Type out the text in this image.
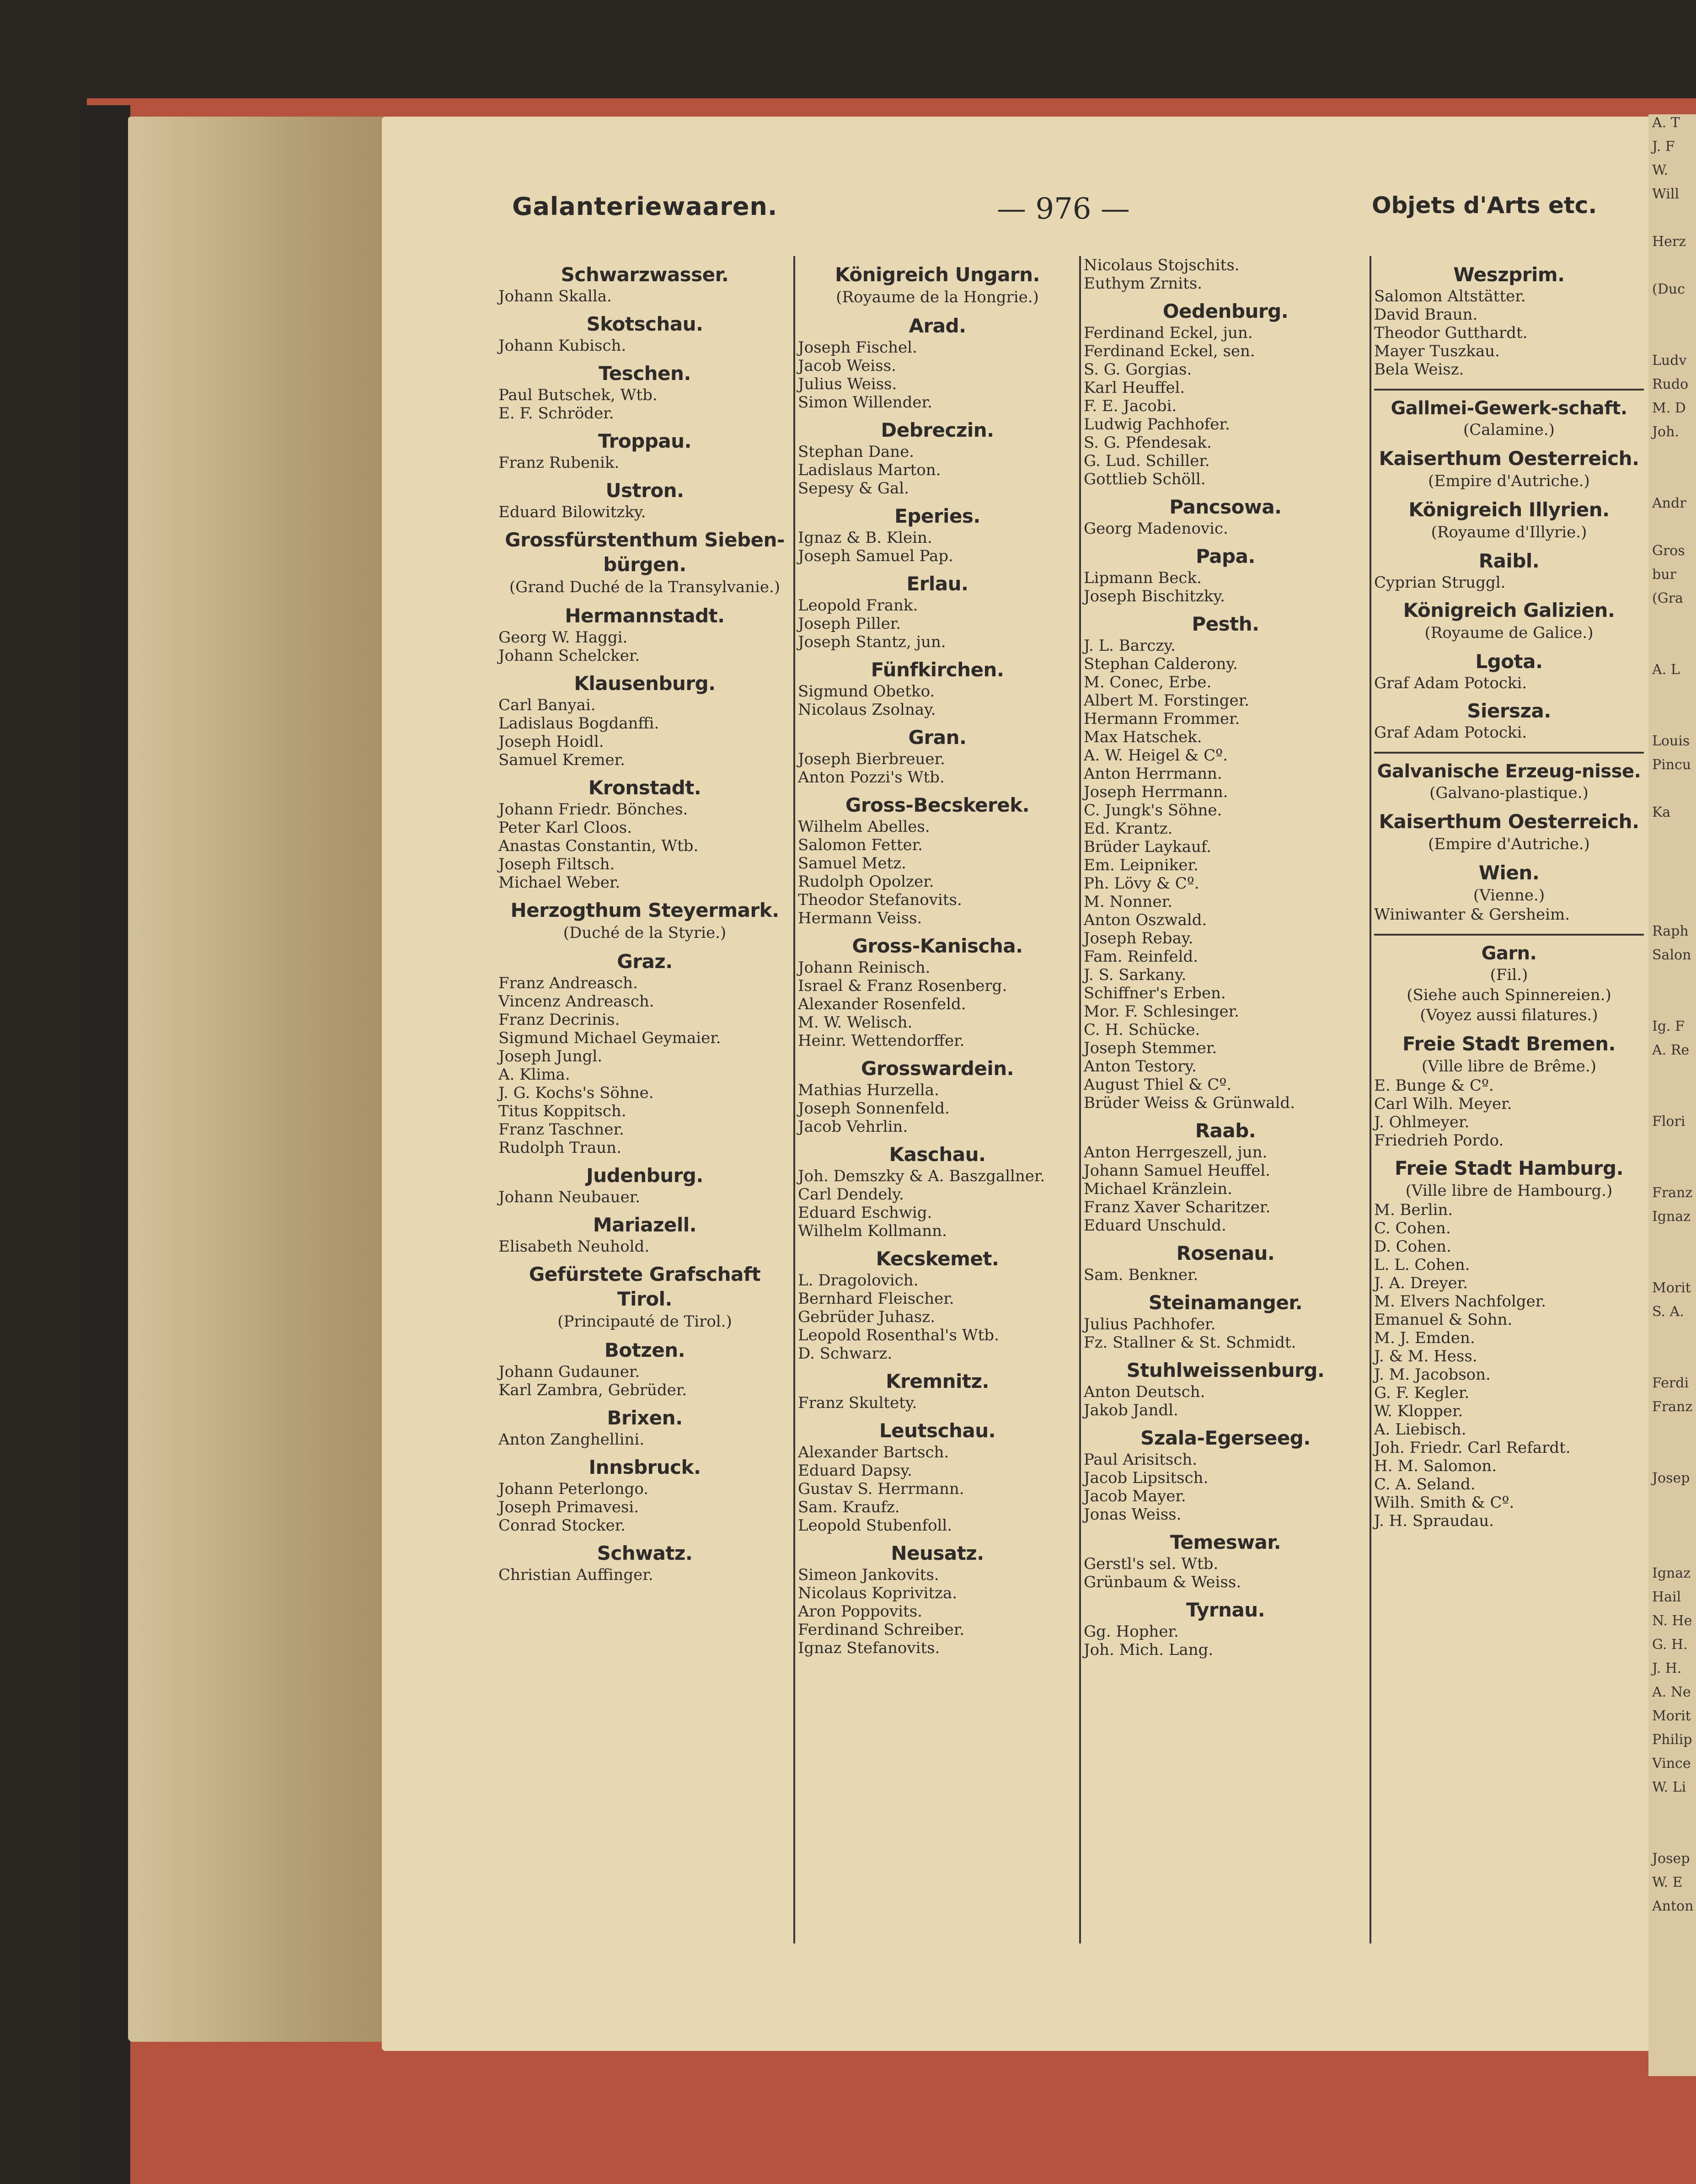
A. T
J. F
W.
Will
Herz
(Duc
Ludv
Rudo
M. D
Joh.
Andr
Gros
bur
(Gra
A. L
Louis
Pincu
Ka
Raph
Salon
Ig. F
A. Re
Flori
Franz
Ignaz
Morit
S. A.
Ferdi
Franz
Josep
Ignaz
Hail
N. He
G. H.
J. H.
A. Ne
Morit
Philip
Vince
W. Li
Josep
W. E
Anton
Galanteriewaaren.	— 976 —	Objets d'Arts etc.
Schwarzwasser.
Johann Skalla.
Skotschau.
Johann Kubisch.
Teschen.
Paul Butschek, Wtb.
E. F. Schröder.
Troppau.
Franz Rubenik.
Ustron.
Eduard Bilowitzky.
Grossfürstenthum Sieben-bürgen.
(Grand Duché de la Transylvanie.)
Hermannstadt.
Georg W. Haggi.
Johann Schelcker.
Klausenburg.
Carl Banyai.
Ladislaus Bogdanffi.
Joseph Hoidl.
Samuel Kremer.
Kronstadt.
Johann Friedr. Bönches.
Peter Karl Cloos.
Anastas Constantin, Wtb.
Joseph Filtsch.
Michael Weber.
Herzogthum Steyermark.
(Duché de la Styrie.)
Graz.
Franz Andreasch.
Vincenz Andreasch.
Franz Decrinis.
Sigmund Michael Geymaier.
Joseph Jungl.
A. Klima.
J. G. Kochs's Söhne.
Titus Koppitsch.
Franz Taschner.
Rudolph Traun.
Judenburg.
Johann Neubauer.
Mariazell.
Elisabeth Neuhold.
Gefürstete Grafschaft Tirol.
(Principauté de Tirol.)
Botzen.
Johann Gudauner.
Karl Zambra, Gebrüder.
Brixen.
Anton Zanghellini.
Innsbruck.
Johann Peterlongo.
Joseph Primavesi.
Conrad Stocker.
Schwatz.
Christian Auffinger.
Königreich Ungarn.
(Royaume de la Hongrie.)
Arad.
Joseph Fischel.
Jacob Weiss.
Julius Weiss.
Simon Willender.
Debreczin.
Stephan Dane.
Ladislaus Marton.
Sepesy & Gal.
Eperies.
Ignaz & B. Klein.
Joseph Samuel Pap.
Erlau.
Leopold Frank.
Joseph Piller.
Joseph Stantz, jun.
Fünfkirchen.
Sigmund Obetko.
Nicolaus Zsolnay.
Gran.
Joseph Bierbreuer.
Anton Pozzi's Wtb.
Gross-Becskerek.
Wilhelm Abelles.
Salomon Fetter.
Samuel Metz.
Rudolph Opolzer.
Theodor Stefanovits.
Hermann Veiss.
Gross-Kanischa.
Johann Reinisch.
Israel & Franz Rosenberg.
Alexander Rosenfeld.
M. W. Welisch.
Heinr. Wettendorffer.
Grosswardein.
Mathias Hurzella.
Joseph Sonnenfeld.
Jacob Vehrlin.
Kaschau.
Joh. Demszky & A. Baszgallner.
Carl Dendely.
Eduard Eschwig.
Wilhelm Kollmann.
Kecskemet.
L. Dragolovich.
Bernhard Fleischer.
Gebrüder Juhasz.
Leopold Rosenthal's Wtb.
D. Schwarz.
Kremnitz.
Franz Skultety.
Leutschau.
Alexander Bartsch.
Eduard Dapsy.
Gustav S. Herrmann.
Sam. Kraufz.
Leopold Stubenfoll.
Neusatz.
Simeon Jankovits.
Nicolaus Koprivitza.
Aron Poppovits.
Ferdinand Schreiber.
Ignaz Stefanovits.
Nicolaus Stojschits.
Euthym Zrnits.
Oedenburg.
Ferdinand Eckel, jun.
Ferdinand Eckel, sen.
S. G. Gorgias.
Karl Heuffel.
F. E. Jacobi.
Ludwig Pachhofer.
S. G. Pfendesak.
G. Lud. Schiller.
Gottlieb Schöll.
Pancsowa.
Georg Madenovic.
Papa.
Lipmann Beck.
Joseph Bischitzky.
Pesth.
J. L. Barczy.
Stephan Calderony.
M. Conec, Erbe.
Albert M. Forstinger.
Hermann Frommer.
Max Hatschek.
A. W. Heigel & Cº.
Anton Herrmann.
Joseph Herrmann.
C. Jungk's Söhne.
Ed. Krantz.
Brüder Laykauf.
Em. Leipniker.
Ph. Lövy & Cº.
M. Nonner.
Anton Oszwald.
Joseph Rebay.
Fam. Reinfeld.
J. S. Sarkany.
Schiffner's Erben.
Mor. F. Schlesinger.
C. H. Schücke.
Joseph Stemmer.
Anton Testory.
August Thiel & Cº.
Brüder Weiss & Grünwald.
Raab.
Anton Herrgeszell, jun.
Johann Samuel Heuffel.
Michael Kränzlein.
Franz Xaver Scharitzer.
Eduard Unschuld.
Rosenau.
Sam. Benkner.
Steinamanger.
Julius Pachhofer.
Fz. Stallner & St. Schmidt.
Stuhlweissenburg.
Anton Deutsch.
Jakob Jandl.
Szala-Egerseeg.
Paul Arisitsch.
Jacob Lipsitsch.
Jacob Mayer.
Jonas Weiss.
Temeswar.
Gerstl's sel. Wtb.
Grünbaum & Weiss.
Tyrnau.
Gg. Hopher.
Joh. Mich. Lang.
Weszprim.
Salomon Altstätter.
David Braun.
Theodor Gutthardt.
Mayer Tuszkau.
Bela Weisz.
Gallmei-Gewerk-schaft.
(Calamine.)
Kaiserthum Oesterreich.
(Empire d'Autriche.)
Königreich Illyrien.
(Royaume d'Illyrie.)
Raibl.
Cyprian Struggl.
Königreich Galizien.
(Royaume de Galice.)
Lgota.
Graf Adam Potocki.
Siersza.
Graf Adam Potocki.
Galvanische Erzeug-nisse.
(Galvano-plastique.)
Kaiserthum Oesterreich.
(Empire d'Autriche.)
Wien.
(Vienne.)
Winiwanter & Gersheim.
Garn.
(Fil.)
(Siehe auch Spinnereien.)
(Voyez aussi filatures.)
Freie Stadt Bremen.
(Ville libre de Brême.)
E. Bunge & Cº.
Carl Wilh. Meyer.
J. Ohlmeyer.
Friedrieh Pordo.
Freie Stadt Hamburg.
(Ville libre de Hambourg.)
M. Berlin.
C. Cohen.
D. Cohen.
L. L. Cohen.
J. A. Dreyer.
M. Elvers Nachfolger.
Emanuel & Sohn.
M. J. Emden.
J. & M. Hess.
J. M. Jacobson.
G. F. Kegler.
W. Klopper.
A. Liebisch.
Joh. Friedr. Carl Refardt.
H. M. Salomon.
C. A. Seland.
Wilh. Smith & Cº.
J. H. Spraudau.
